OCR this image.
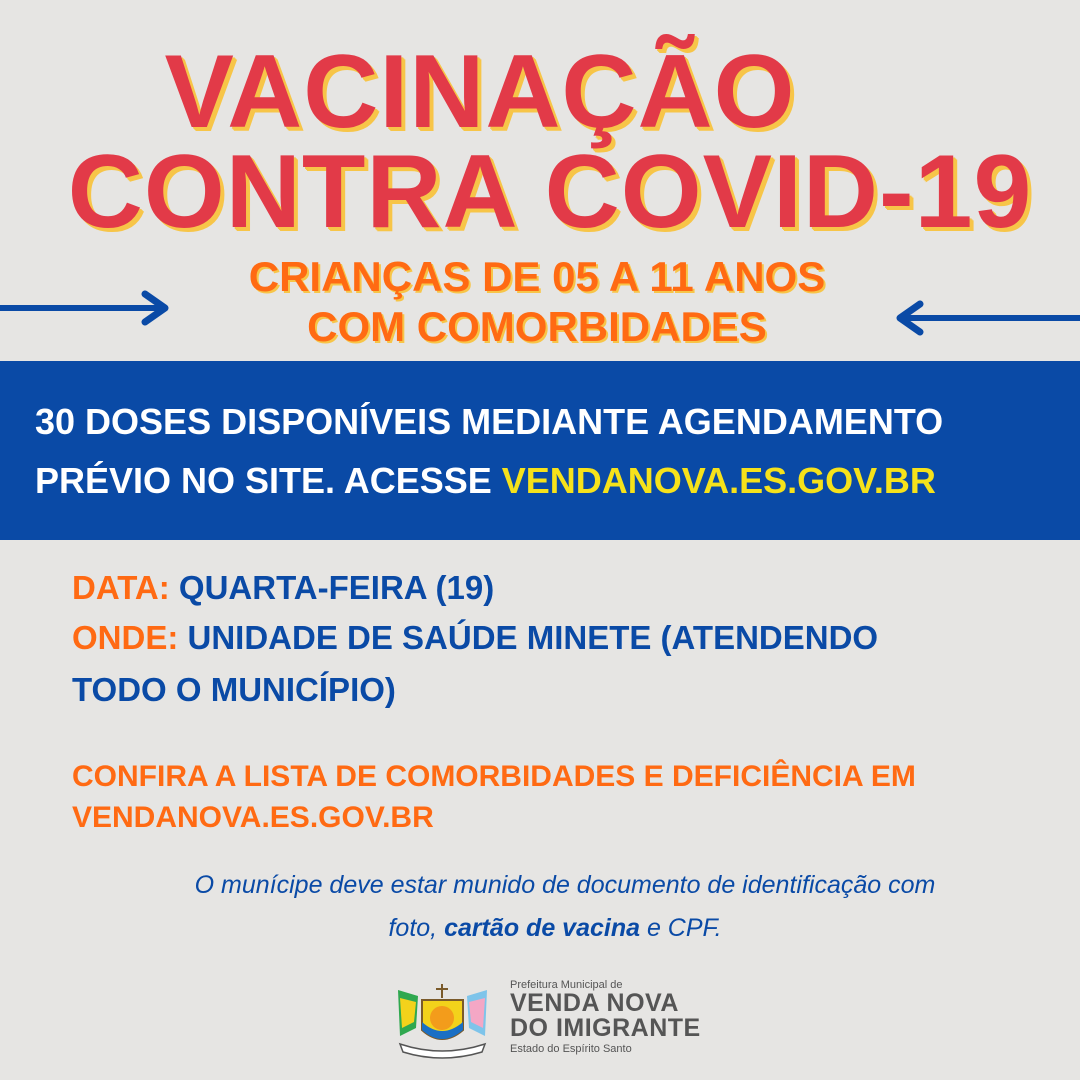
VACINAÇÃO
CONTRA COVID-19
CRIANÇAS DE 05 A 11 ANOS
COM COMORBIDADES
30 DOSES DISPONÍVEIS MEDIANTE AGENDAMENTO
PRÉVIO NO SITE. ACESSE VENDANOVA.ES.GOV.BR
DATA: QUARTA-FEIRA (19)
ONDE: UNIDADE DE SAÚDE MINETE (ATENDENDO
TODO O MUNICÍPIO)
CONFIRA A LISTA DE COMORBIDADES E DEFICIÊNCIA EM
VENDANOVA.ES.GOV.BR
O munícipe deve estar munido de documento de identificação com
foto, cartão de vacina e CPF.
Prefeitura Municipal de
VENDA NOVA
DO IMIGRANTE
Estado do Espírito Santo
